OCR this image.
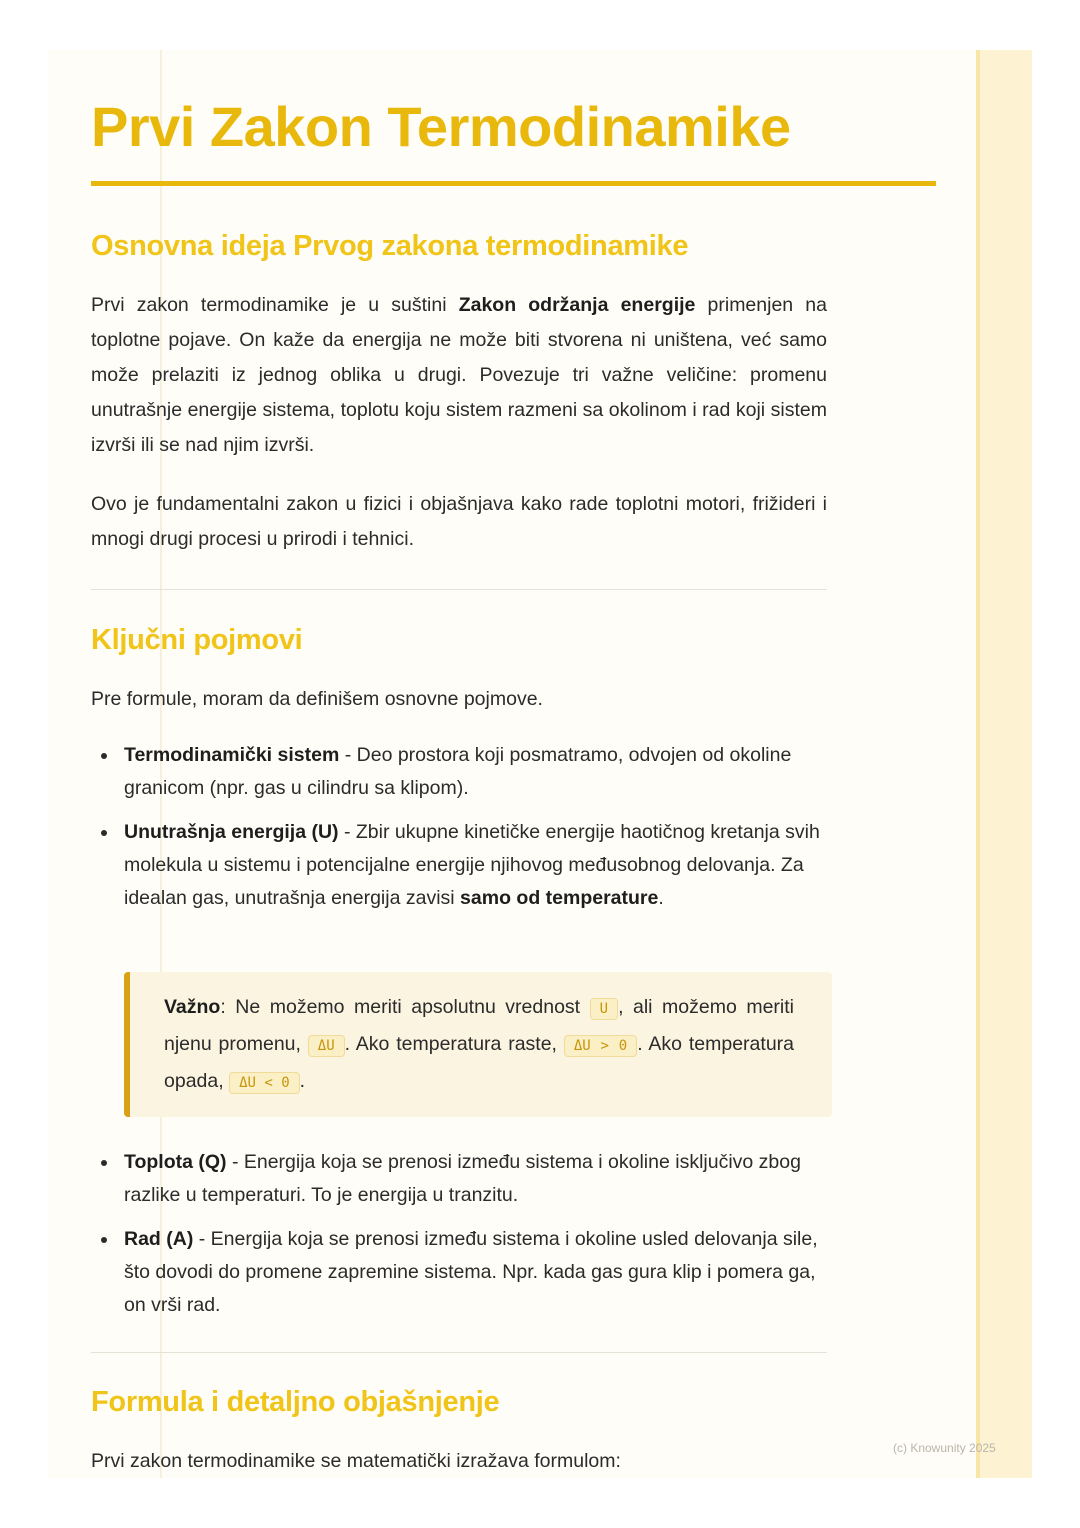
Prvi Zakon Termodinamike
Osnovna ideja Prvog zakona termodinamike

Prvi zakon termodinamike je u suštini Zakon održanja energije primenjen na toplotne pojave. On kaže da energija ne može biti stvorena ni uništena, već samo može prelaziti iz jednog oblika u drugi. Povezuje tri važne veličine: promenu unutrašnje energije sistema, toplotu koju sistem razmeni sa okolinom i rad koji sistem izvrši ili se nad njim izvrši.

Ovo je fundamentalni zakon u fizici i objašnjava kako rade toplotni motori, frižideri i mnogi drugi procesi u prirodi i tehnici.

Ključni pojmovi

Pre formule, moram da definišem osnovne pojmove.

Termodinamički sistem - Deo prostora koji posmatramo, odvojen od okoline granicom (npr. gas u cilindru sa klipom).
Unutrašnja energija (U) - Zbir ukupne kinetičke energije haotičnog kretanja svih molekula u sistemu i potencijalne energije njihovog međusobnog delovanja. Za idealan gas, unutrašnja energija zavisi samo od temperature.
Važno: Ne možemo meriti apsolutnu vrednost U , ali možemo meriti njenu promenu, ΔU . Ako temperatura raste, ΔU > 0 . Ako temperatura opada, ΔU < 0 .
Toplota (Q) - Energija koja se prenosi između sistema i okoline isključivo zbog razlike u temperaturi. To je energija u tranzitu.
Rad (A) - Energija koja se prenosi između sistema i okoline usled delovanja sile, što dovodi do promene zapremine sistema. Npr. kada gas gura klip i pomera ga, on vrši rad.
Formula i detaljno objašnjenje

Prvi zakon termodinamike se matematički izražava formulom:

(c) Knowunity 2025
